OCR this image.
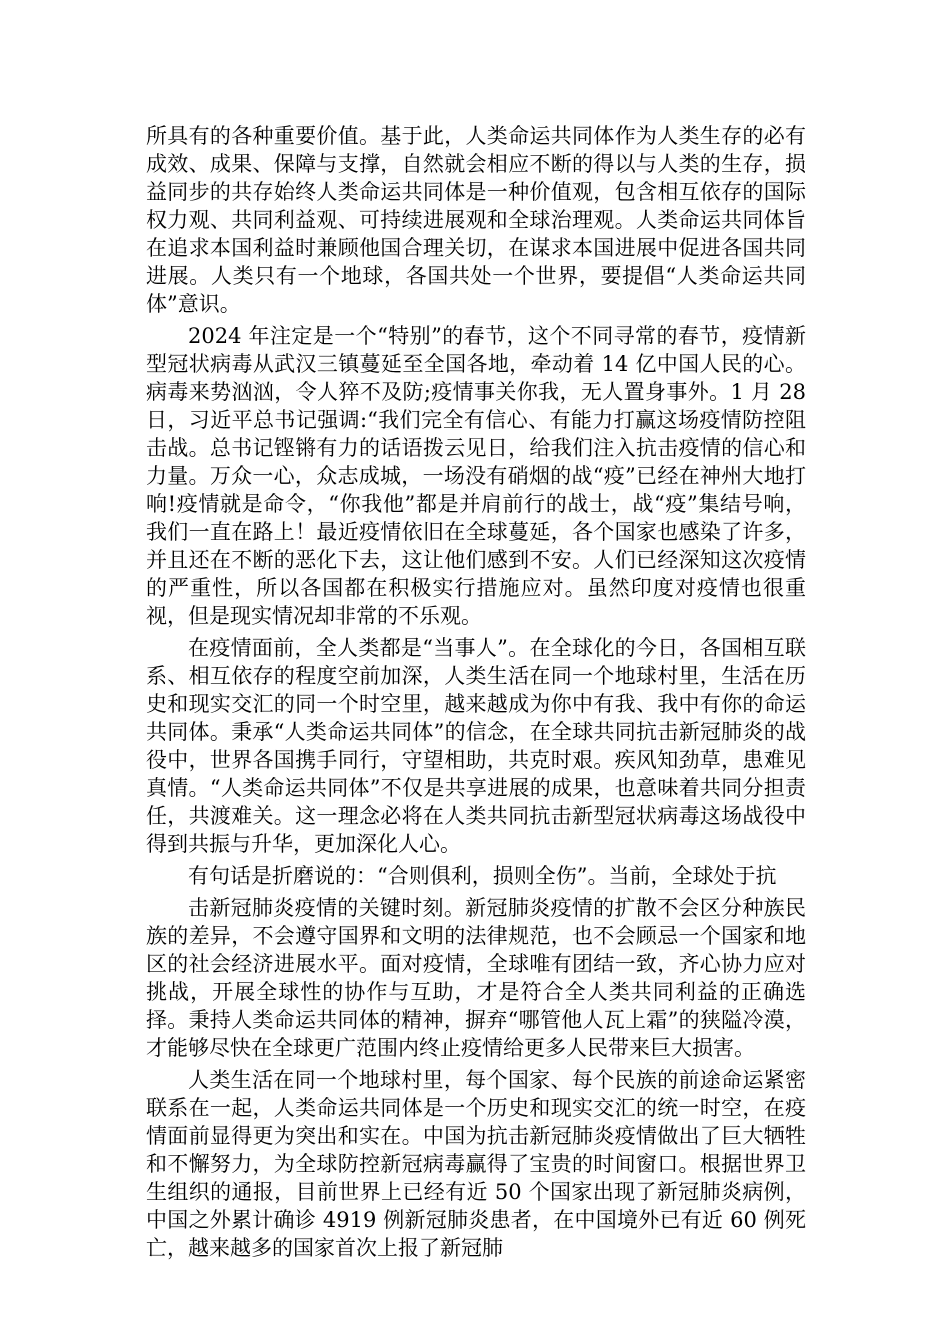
所具有的各种重要价值。基于此，人类命运共同体作为人类生存的必有成效、成果、保障与支撑，自然就会相应不断的得以与人类的生存，损益同步的共存始终人类命运共同体是一种价值观，包含相互依存的国际权力观、共同利益观、可持续进展观和全球治理观。人类命运共同体旨在追求本国利益时兼顾他国合理关切，在谋求本国进展中促进各国共同进展。人类只有一个地球，各国共处一个世界，要提倡“人类命运共同体”意识。

2024 年注定是一个“特别”的春节，这个不同寻常的春节，疫情新型冠状病毒从武汉三镇蔓延至全国各地，牵动着 14 亿中国人民的心。病毒来势汹汹，令人猝不及防;疫情事关你我，无人置身事外。1 月 28 日，习近平总书记强调:“我们完全有信心、有能力打赢这场疫情防控阻击战。总书记铿锵有力的话语拨云见日，给我们注入抗击疫情的信心和力量。万众一心，众志成城，一场没有硝烟的战“疫”已经在神州大地打响!疫情就是命令，“你我他”都是并肩前行的战士，战“疫”集结号响，我们一直在路上！最近疫情依旧在全球蔓延，各个国家也感染了许多，并且还在不断的恶化下去，这让他们感到不安。人们已经深知这次疫情的严重性，所以各国都在积极实行措施应对。虽然印度对疫情也很重视，但是现实情况却非常的不乐观。

在疫情面前，全人类都是“当事人”。在全球化的今日，各国相互联系、相互依存的程度空前加深，人类生活在同一个地球村里，生活在历史和现实交汇的同一个时空里，越来越成为你中有我、我中有你的命运共同体。秉承“人类命运共同体”的信念，在全球共同抗击新冠肺炎的战役中，世界各国携手同行，守望相助，共克时艰。疾风知劲草，患难见真情。“人类命运共同体”不仅是共享进展的成果，也意味着共同分担责任，共渡难关。这一理念必将在人类共同抗击新型冠状病毒这场战役中得到共振与升华，更加深化人心。

有句话是折磨说的：“合则俱利，损则全伤”。当前，全球处于抗

击新冠肺炎疫情的关键时刻。新冠肺炎疫情的扩散不会区分种族民族的差异，不会遵守国界和文明的法律规范，也不会顾忌一个国家和地区的社会经济进展水平。面对疫情，全球唯有团结一致，齐心协力应对挑战，开展全球性的协作与互助，才是符合全人类共同利益的正确选择。秉持人类命运共同体的精神，摒弃“哪管他人瓦上霜”的狭隘冷漠，才能够尽快在全球更广范围内终止疫情给更多人民带来巨大损害。

人类生活在同一个地球村里，每个国家、每个民族的前途命运紧密联系在一起，人类命运共同体是一个历史和现实交汇的统一时空，在疫情面前显得更为突出和实在。中国为抗击新冠肺炎疫情做出了巨大牺牲和不懈努力，为全球防控新冠病毒赢得了宝贵的时间窗口。根据世界卫生组织的通报，目前世界上已经有近 50 个国家出现了新冠肺炎病例，中国之外累计确诊 4919 例新冠肺炎患者，在中国境外已有近 60 例死亡，越来越多的国家首次上报了新冠肺
